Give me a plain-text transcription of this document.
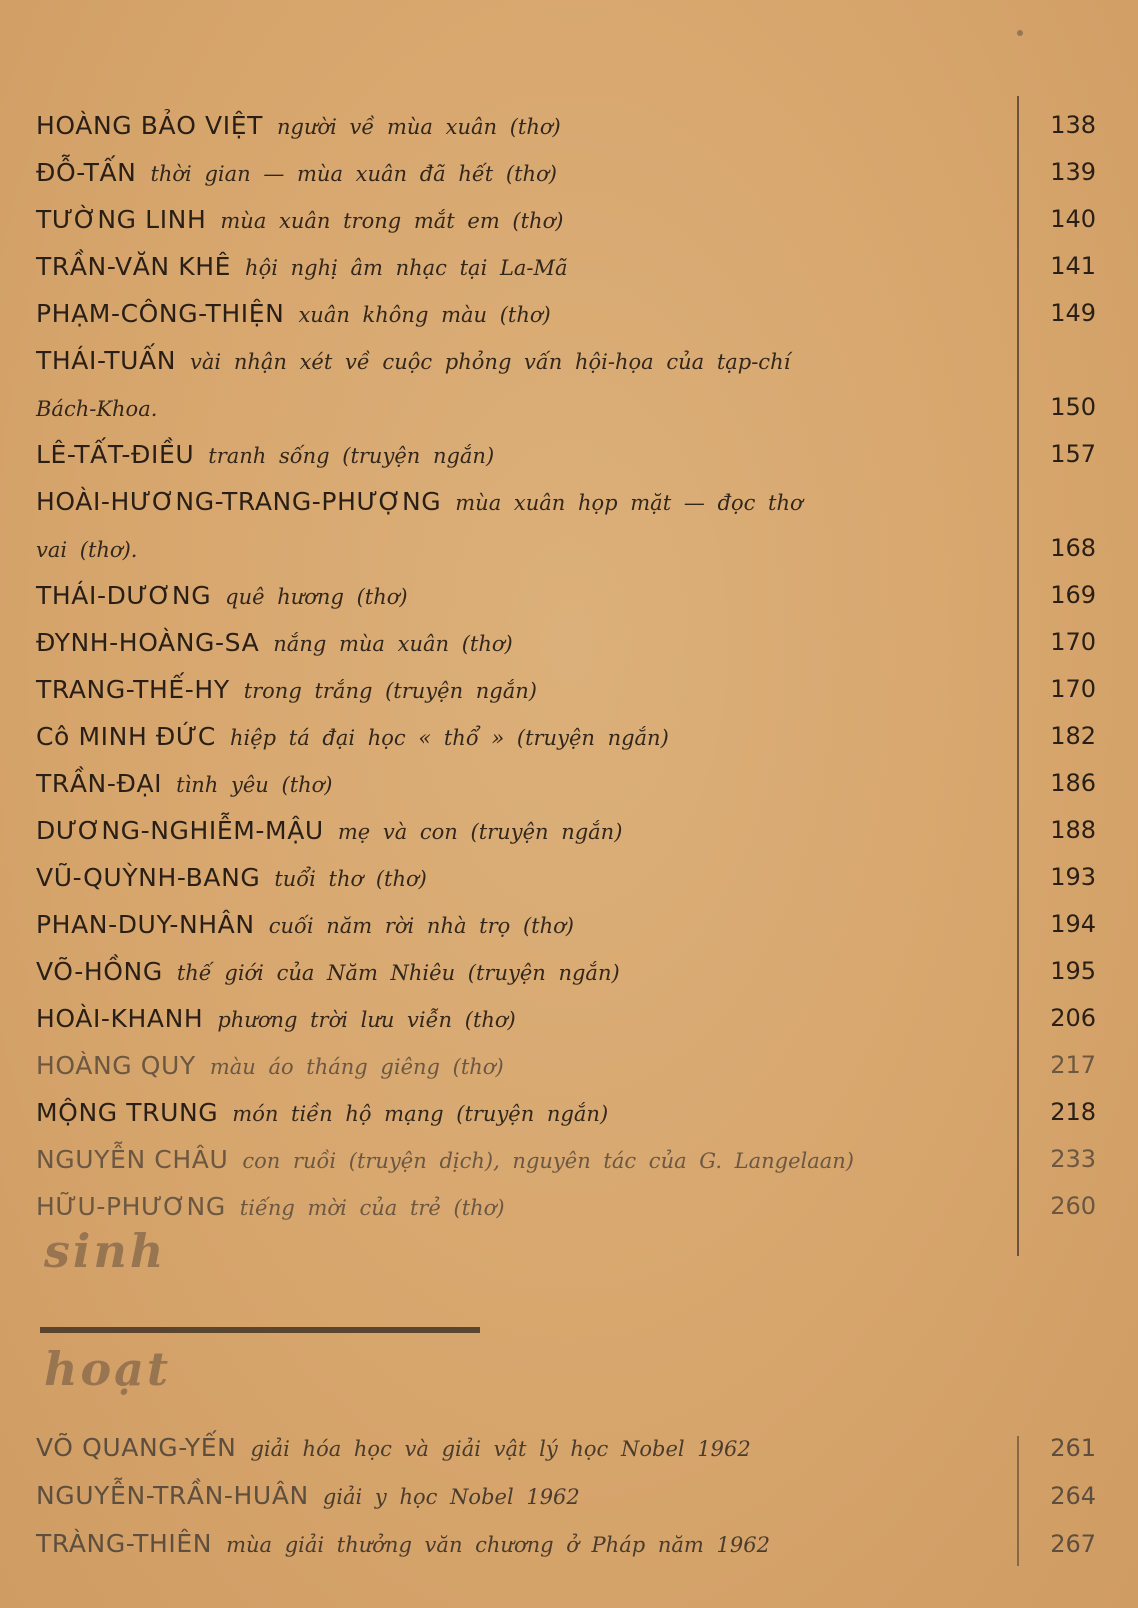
HOÀNG BẢO VIỆT người về mùa xuân (thơ)	138
ĐỖ-TẤN thời gian — mùa xuân đã hết (thơ)	139
TƯỜNG LINH mùa xuân trong mắt em (thơ)	140
TRẦN-VĂN KHÊ hội nghị âm nhạc tại La-Mã	141
PHẠM-CÔNG-THIỆN xuân không màu (thơ)	149
THÁI-TUẤN vài nhận xét về cuộc phỏng vấn hội-họa của tạp-chí
Bách-Khoa.	150
LÊ-TẤT-ĐIỀU tranh sống (truyện ngắn)	157
HOÀI-HƯƠNG-TRANG-PHƯỢNG mùa xuân họp mặt — đọc thơ
vai (thơ).	168
THÁI-DƯƠNG quê hương (thơ)	169
ĐYNH-HOÀNG-SA nắng mùa xuân (thơ)	170
TRANG-THẾ-HY trong trắng (truyện ngắn)	170
Cô MINH ĐỨC hiệp tá đại học « thổ » (truyện ngắn)	182
TRẦN-ĐẠI tình yêu (thơ)	186
DƯƠNG-NGHIỄM-MẬU mẹ và con (truyện ngắn)	188
VŨ-QUỲNH-BANG tuổi thơ (thơ)	193
PHAN-DUY-NHÂN cuối năm rời nhà trọ (thơ)	194
VÕ-HỒNG thế giới của Năm Nhiêu (truyện ngắn)	195
HOÀI-KHANH phương trời lưu viễn (thơ)	206
HOÀNG QUY màu áo tháng giêng (thơ)	217
MỘNG TRUNG món tiền hộ mạng (truyện ngắn)	218
NGUYỄN CHÂU con ruồi (truyện dịch), nguyên tác của G. Langelaan)	233
HỮU-PHƯƠNG tiếng mời của trẻ (thơ)	260
sinh
hoạt
VÕ QUANG-YẾN giải hóa học và giải vật lý học Nobel 1962	261
NGUYỄN-TRẦN-HUÂN giải y học Nobel 1962	264
TRÀNG-THIÊN mùa giải thưởng văn chương ở Pháp năm 1962	267
